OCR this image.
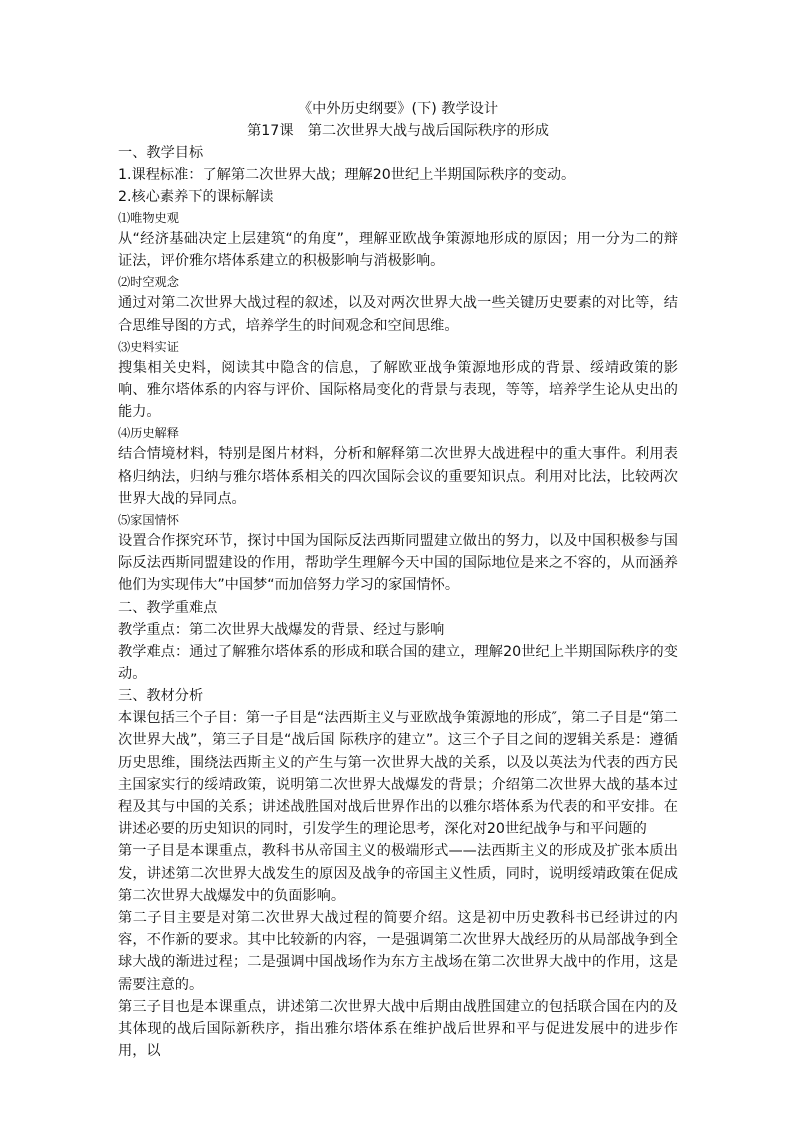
《中外历史纲要》(下) 教学设计

第17课　第二次世界大战与战后国际秩序的形成

一、教学目标

1.课程标准：了解第二次世界大战；理解20世纪上半期国际秩序的变动。

2.核心素养下的课标解读

⑴唯物史观

从“经济基础决定上层建筑“的角度”，理解亚欧战争策源地形成的原因；用一分为二的辩证法，评价雅尔塔体系建立的积极影响与消极影响。

⑵时空观念

通过对第二次世界大战过程的叙述，以及对两次世界大战一些关键历史要素的对比等，结合思维导图的方式，培养学生的时间观念和空间思维。

⑶史料实证

搜集相关史料，阅读其中隐含的信息，了解欧亚战争策源地形成的背景、绥靖政策的影响、雅尔塔体系的内容与评价、国际格局变化的背景与表现，等等，培养学生论从史出的能力。

⑷历史解释

结合情境材料，特别是图片材料，分析和解释第二次世界大战进程中的重大事件。利用表格归纳法，归纳与雅尔塔体系相关的四次国际会议的重要知识点。利用对比法，比较两次世界大战的异同点。

⑸家国情怀

设置合作探究环节，探讨中国为国际反法西斯同盟建立做出的努力，以及中国积极参与国际反法西斯同盟建设的作用，帮助学生理解今天中国的国际地位是来之不容的，从而涵养他们为实现伟大”中国梦“而加倍努力学习的家国情怀。

二、教学重难点

教学重点：第二次世界大战爆发的背景、经过与影响

教学难点：通过了解雅尔塔体系的形成和联合国的建立，理解20世纪上半期国际秩序的变动。

三、教材分析

本课包括三个子目：第一子目是“法西斯主义与亚欧战争策源地的形成″，第二子目是“第二次世界大战”，第三子目是“战后国 际秩序的建立”。这三个子目之间的逻辑关系是：遵循历史思维，围绕法西斯主义的产生与第一次世界大战的关系，以及以英法为代表的西方民主国家实行的绥靖政策，说明第二次世界大战爆发的背景；介绍第二次世界大战的基本过程及其与中国的关系；讲述战胜国对战后世界作出的以雅尔塔体系为代表的和平安排。在讲述必要的历史知识的同时，引发学生的理论思考，深化对20世纪战争与和平问题的

第一子目是本课重点，教科书从帝国主义的极端形式——法西斯主义的形成及扩张本质出发，讲述第二次世界大战发生的原因及战争的帝国主义性质，同时，说明绥靖政策在促成第二次世界大战爆发中的负面影响。

第二子目主要是对第二次世界大战过程的简要介绍。这是初中历史教科书已经讲过的内容，不作新的要求。其中比较新的内容，一是强调第二次世界大战经历的从局部战争到全球大战的渐进过程；二是强调中国战场作为东方主战场在第二次世界大战中的作用，这是需要注意的。

第三子目也是本课重点，讲述第二次世界大战中后期由战胜国建立的包括联合国在内的及其体现的战后国际新秩序，指出雅尔塔体系在维护战后世界和平与促进发展中的进步作用，以
